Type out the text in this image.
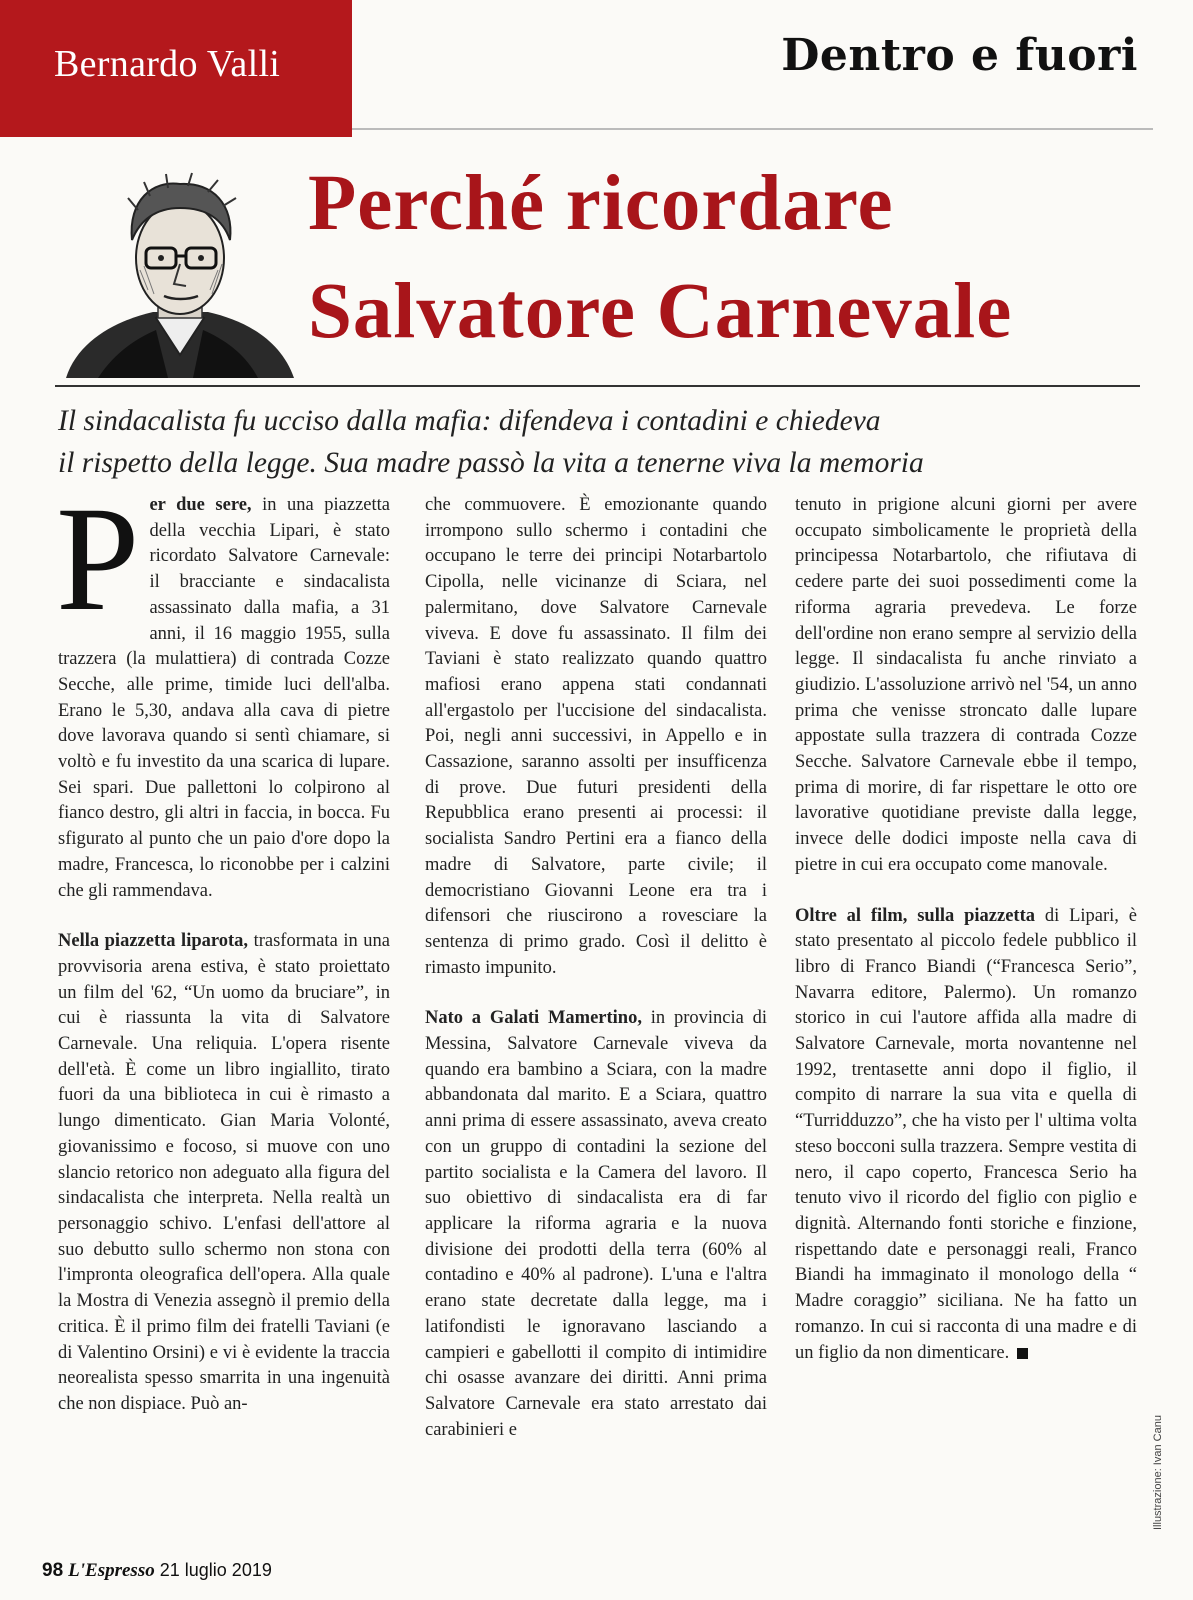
Bernardo Valli	Dentro e fuori
Perché ricordare
Salvatore Carnevale
Il sindacalista fu ucciso dalla mafia: difendeva i contadini e chiedeva
il rispetto della legge. Sua madre passò la vita a tenerne viva la memoria

Per due sere, in una piazzetta della vecchia Lipari, è stato ricordato Salvatore Carnevale: il bracciante e sindacalista assassinato dalla mafia, a 31 anni, il 16 maggio 1955, sulla trazzera (la mulattiera) di contrada Cozze Secche, alle prime, timide luci dell'alba. Erano le 5,30, andava alla cava di pietre dove lavorava quando si sentì chiamare, si voltò e fu investito da una scarica di lupare. Sei spari. Due pallettoni lo colpirono al fianco destro, gli altri in faccia, in bocca. Fu sfigurato al punto che un paio d'ore dopo la madre, Francesca, lo riconobbe per i calzini che gli rammendava.

Nella piazzetta liparota, trasformata in una provvisoria arena estiva, è stato proiettato un film del '62, “Un uomo da bruciare”, in cui è riassunta la vita di Salvatore Carnevale. Una reliquia. L'opera risente dell'età. È come un libro ingiallito, tirato fuori da una biblioteca in cui è rimasto a lungo dimenticato. Gian Maria Volonté, giovanissimo e focoso, si muove con uno slancio retorico non adeguato alla figura del sindacalista che interpreta. Nella realtà un personaggio schivo. L'enfasi dell'attore al suo debutto sullo schermo non stona con l'impronta oleografica dell'opera. Alla quale la Mostra di Venezia assegnò il premio della critica. È il primo film dei fratelli Taviani (e di Valentino Orsini) e vi è evidente la traccia neorealista spesso smarrita in una ingenuità che non dispiace. Può an-

che commuovere. È emozionante quando irrompono sullo schermo i contadini che occupano le terre dei principi Notarbartolo Cipolla, nelle vicinanze di Sciara, nel palermitano, dove Salvatore Carnevale viveva. E dove fu assassinato. Il film dei Taviani è stato realizzato quando quattro mafiosi erano appena stati condannati all'ergastolo per l'uccisione del sindacalista. Poi, negli anni successivi, in Appello e in Cassazione, saranno assolti per insufficenza di prove. Due futuri presidenti della Repubblica erano presenti ai processi: il socialista Sandro Pertini era a fianco della madre di Salvatore, parte civile; il democristiano Giovanni Leone era tra i difensori che riuscirono a rovesciare la sentenza di primo grado. Così il delitto è rimasto impunito.

Nato a Galati Mamertino, in provincia di Messina, Salvatore Carnevale viveva da quando era bambino a Sciara, con la madre abbandonata dal marito. E a Sciara, quattro anni prima di essere assassinato, aveva creato con un gruppo di contadini la sezione del partito socialista e la Camera del lavoro. Il suo obiettivo di sindacalista era di far applicare la riforma agraria e la nuova divisione dei prodotti della terra (60% al contadino e 40% al padrone). L'una e l'altra erano state decretate dalla legge, ma i latifondisti le ignoravano lasciando a campieri e gabellotti il compito di intimidire chi osasse avanzare dei diritti. Anni prima Salvatore Carnevale era stato arrestato dai carabinieri e

tenuto in prigione alcuni giorni per avere occupato simbolicamente le proprietà della principessa Notarbartolo, che rifiutava di cedere parte dei suoi possedimenti come la riforma agraria prevedeva. Le forze dell'ordine non erano sempre al servizio della legge. Il sindacalista fu anche rinviato a giudizio. L'assoluzione arrivò nel '54, un anno prima che venisse stroncato dalle lupare appostate sulla trazzera di contrada Cozze Secche. Salvatore Carnevale ebbe il tempo, prima di morire, di far rispettare le otto ore lavorative quotidiane previste dalla legge, invece delle dodici imposte nella cava di pietre in cui era occupato come manovale.

Oltre al film, sulla piazzetta di Lipari, è stato presentato al piccolo fedele pubblico il libro di Franco Biandi (“Francesca Serio”, Navarra editore, Palermo). Un romanzo storico in cui l'autore affida alla madre di Salvatore Carnevale, morta novantenne nel 1992, trentasette anni dopo il figlio, il compito di narrare la sua vita e quella di “Turridduzzo”, che ha visto per l' ultima volta steso bocconi sulla trazzera. Sempre vestita di nero, il capo coperto, Francesca Serio ha tenuto vivo il ricordo del figlio con piglio e dignità. Alternando fonti storiche e finzione, rispettando date e personaggi reali, Franco Biandi ha immaginato il monologo della “ Madre coraggio” siciliana. Ne ha fatto un romanzo. In cui si racconta di una madre e di un figlio da non dimenticare.

Illustrazione: Ivan Canu
98 L'Espresso 21 luglio 2019
